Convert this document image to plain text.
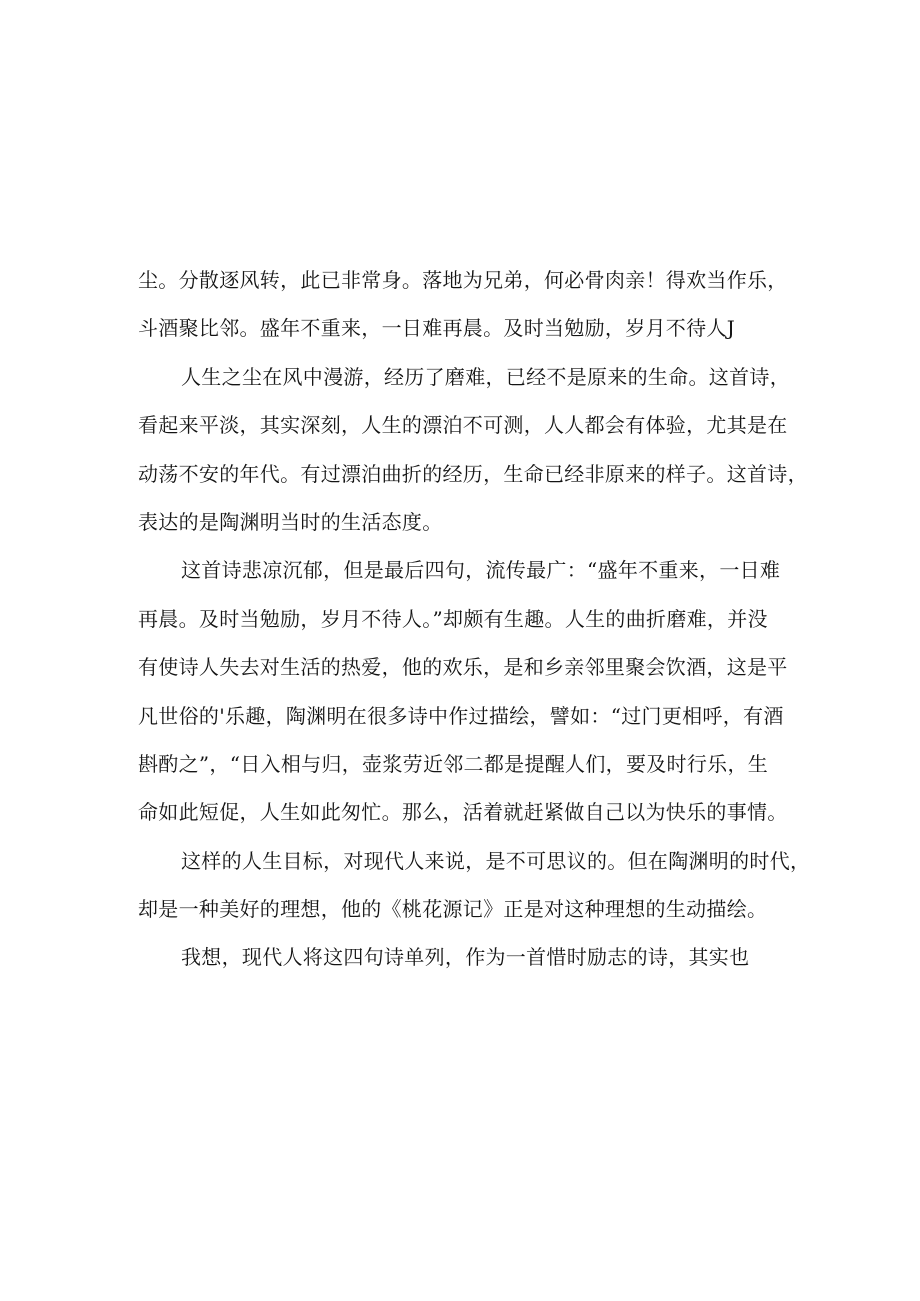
尘。分散逐风转，此已非常身。落地为兄弟，何必骨肉亲！得欢当作乐，
斗酒聚比邻。盛年不重来，一日难再晨。及时当勉励，岁月不待人J
人生之尘在风中漫游，经历了磨难，已经不是原来的生命。这首诗，
看起来平淡，其实深刻，人生的漂泊不可测，人人都会有体验，尤其是在
动荡不安的年代。有过漂泊曲折的经历，生命已经非原来的样子。这首诗，
表达的是陶渊明当时的生活态度。
这首诗悲凉沉郁，但是最后四句，流传最广：“盛年不重来，一日难
再晨。及时当勉励，岁月不待人。”却颇有生趣。人生的曲折磨难，并没
有使诗人失去对生活的热爱，他的欢乐，是和乡亲邻里聚会饮酒，这是平
凡世俗的'乐趣，陶渊明在很多诗中作过描绘，譬如：“过门更相呼，有酒
斟酌之”，“日入相与归，壶浆劳近邻二都是提醒人们，要及时行乐，生
命如此短促，人生如此匆忙。那么，活着就赶紧做自己以为快乐的事情。
这样的人生目标，对现代人来说，是不可思议的。但在陶渊明的时代，
却是一种美好的理想，他的《桃花源记》正是对这种理想的生动描绘。
我想，现代人将这四句诗单列，作为一首惜时励志的诗，其实也
